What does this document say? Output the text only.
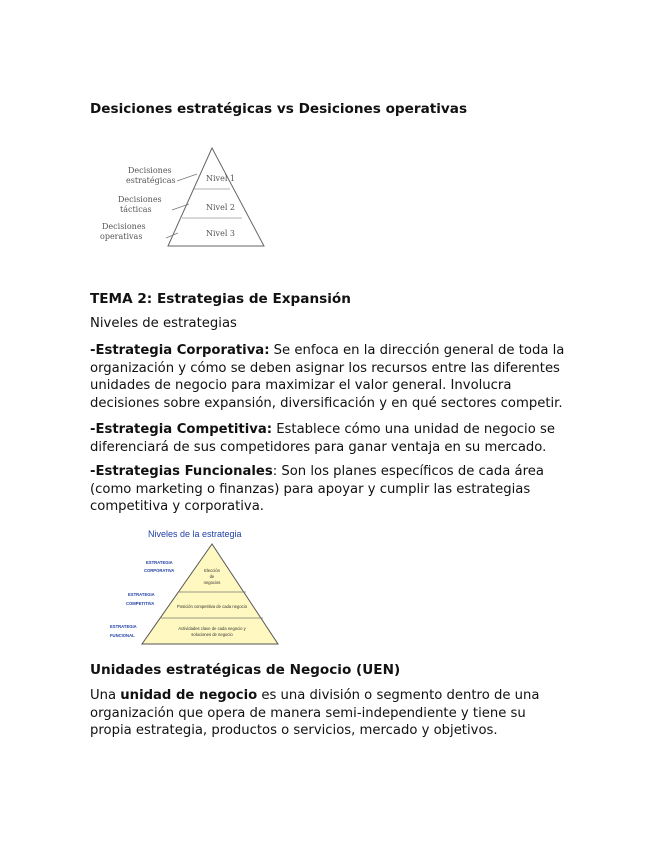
Desiciones estratégicas vs Desiciones operativas
Nivel 1
Nivel 2
Nivel 3
Decisiones
estratégicas
Decisiones
tácticas
Decisiones
operativas
TEMA 2: Estrategias de Expansión

Niveles de estrategias

-Estrategia Corporativa: Se enfoca en la dirección general de toda la organización y cómo se deben asignar los recursos entre las diferentes unidades de negocio para maximizar el valor general. Involucra decisiones sobre expansión, diversificación y en qué sectores competir.

-Estrategia Competitiva: Establece cómo una unidad de negocio se diferenciará de sus competidores para ganar ventaja en su mercado.

-Estrategias Funcionales: Son los planes específicos de cada área (como marketing o finanzas) para apoyar y cumplir las estrategias competitiva y corporativa.

Niveles de la estrategia
Elección
de
negocios
Posición competitiva de cada negocio
Actividades clave de cada negocio y
soluciones de negocio
ESTRATEGIA
CORPORATIVA
ESTRATEGIA
COMPETITIVA
ESTRATEGIA
FUNCIONAL
Unidades estratégicas de Negocio (UEN)

Una unidad de negocio es una división o segmento dentro de una organización que opera de manera semi-independiente y tiene su propia estrategia, productos o servicios, mercado y objetivos.
